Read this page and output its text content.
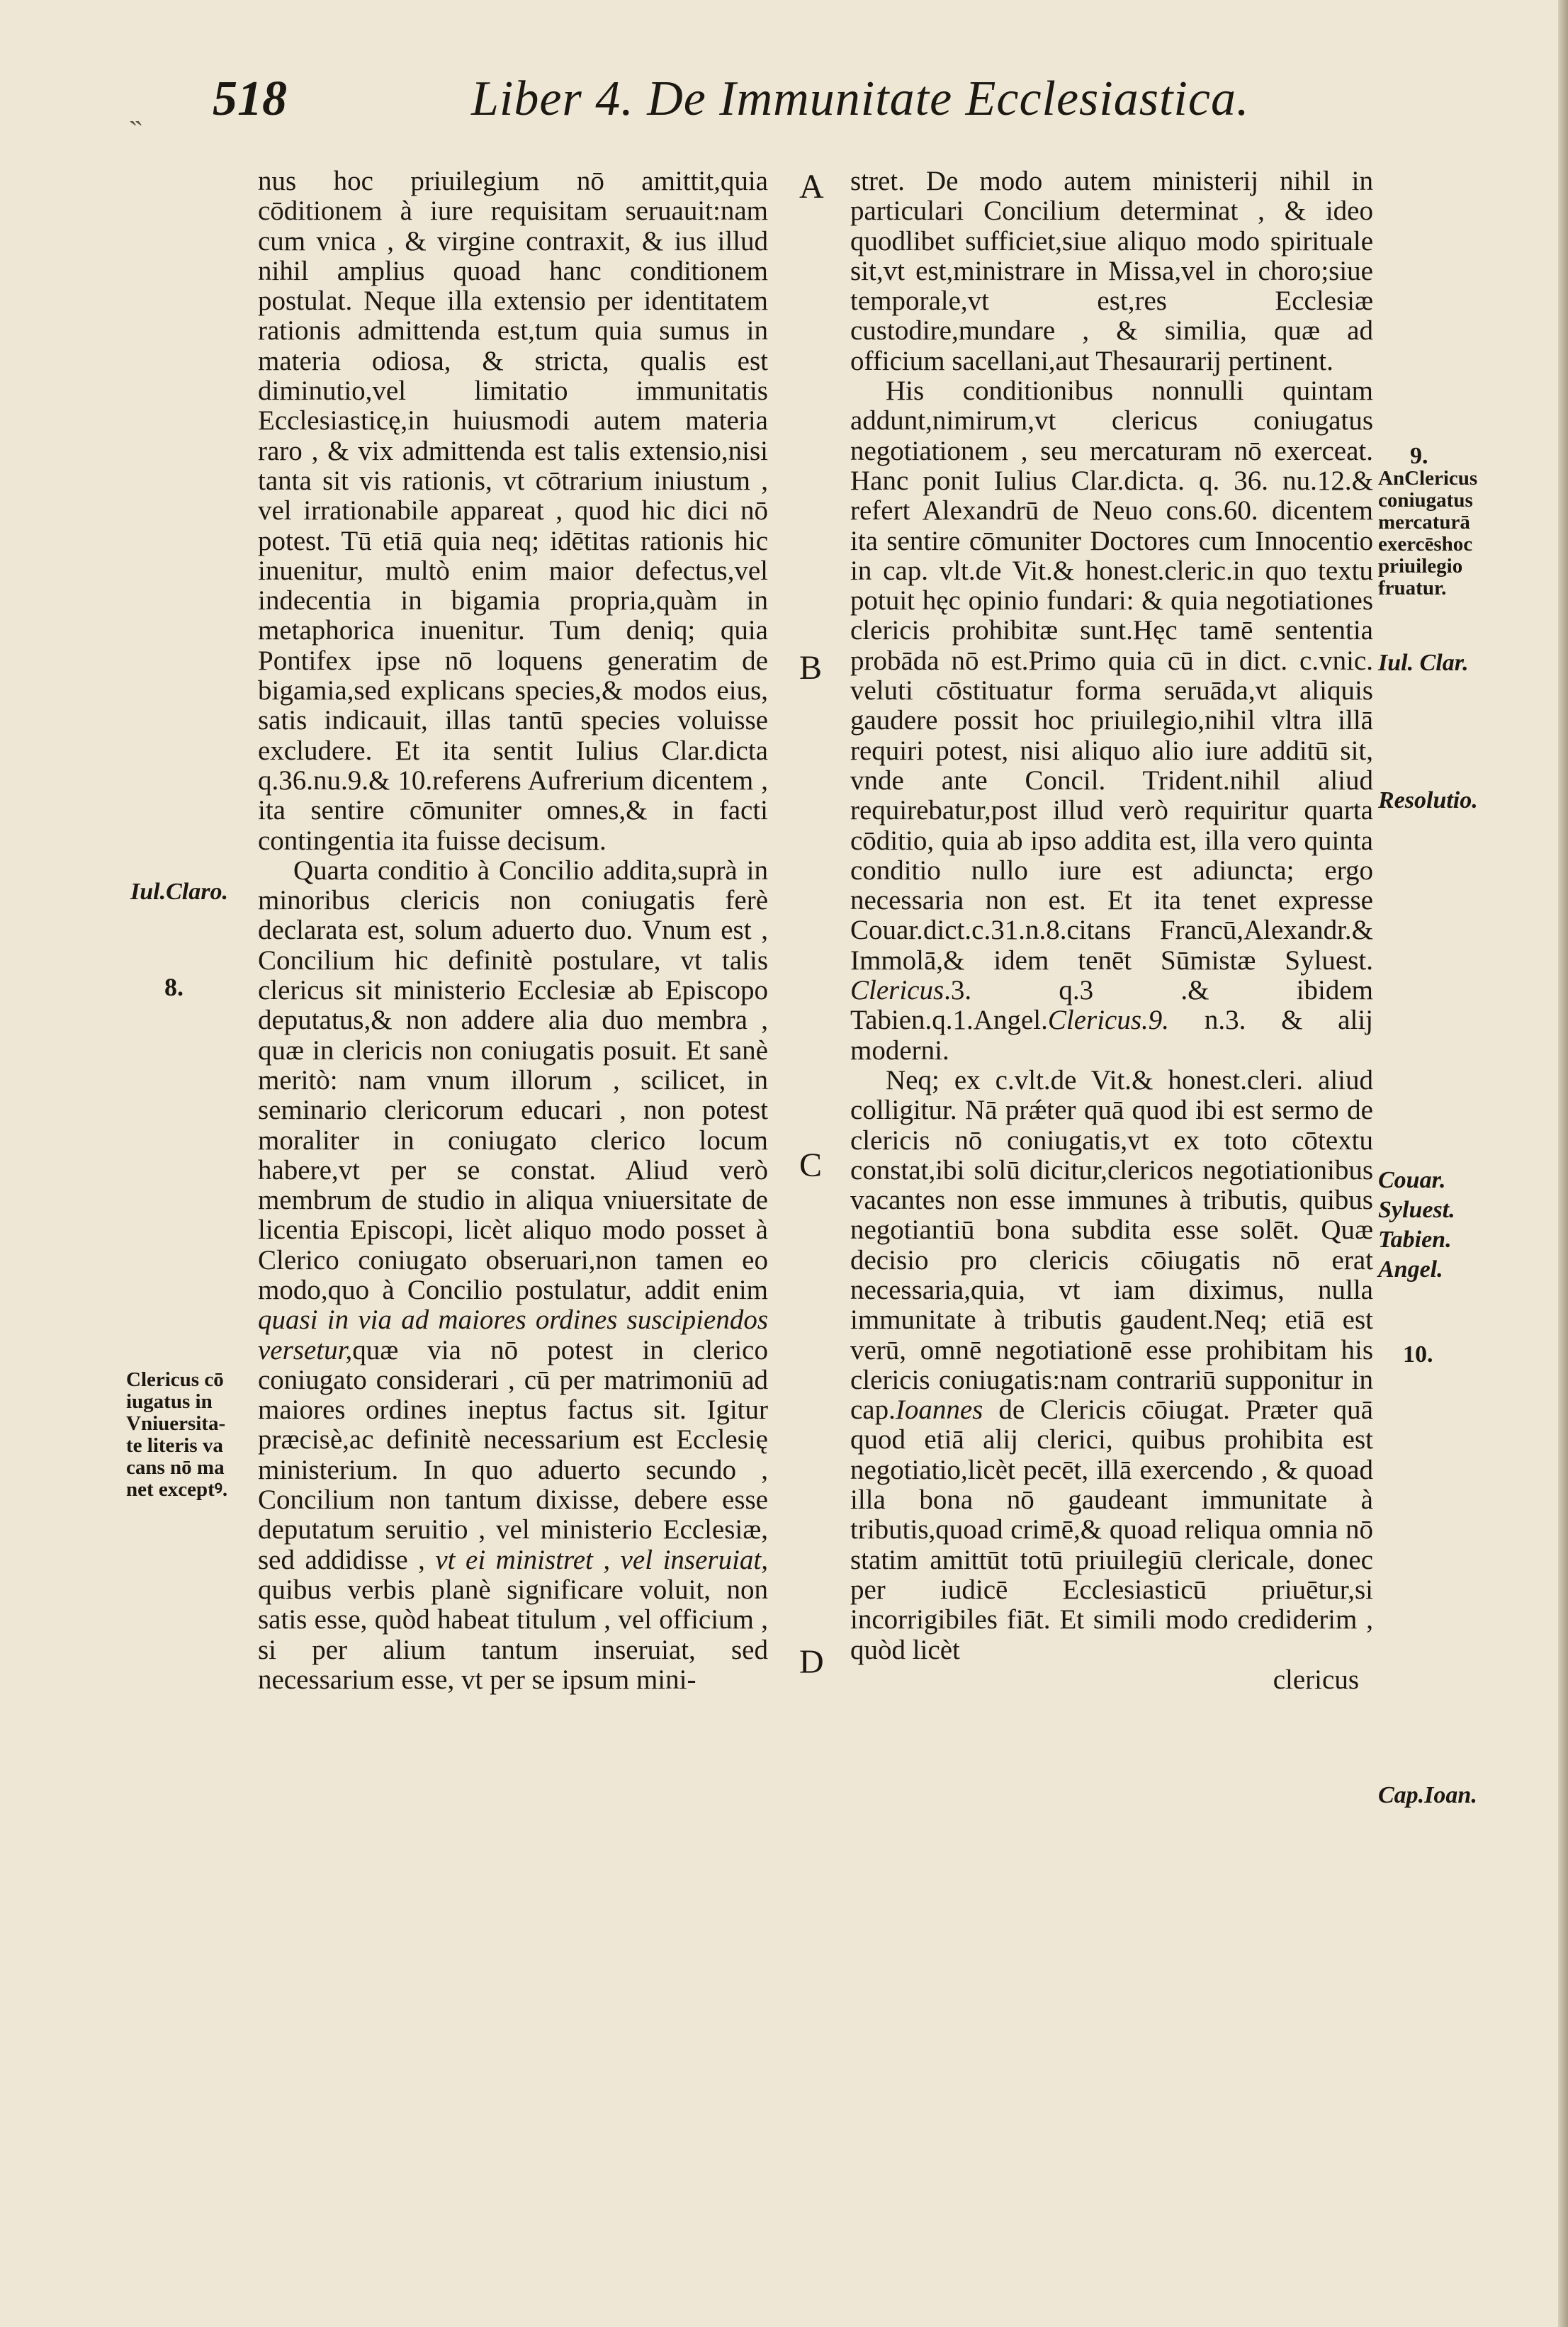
˵ 518	Liber 4. De Immunitate Ecclesiastica.

nus hoc priuilegium nō amittit,quia cōditionem à iure requisitam seruauit:nam cum vnica , & virgine contraxit, & ius illud nihil amplius quoad hanc conditionem postulat. Neque illa extensio per identitatem rationis admittenda est,tum quia sumus in materia odiosa, & stricta, qualis est diminutio,vel limitatio immunitatis Ecclesiasticę,in huiusmodi autem materia raro , & vix admittenda est talis extensio,nisi tanta sit vis rationis, vt cōtrarium iniustum , vel irrationabile appareat , quod hic dici nō potest. Tū etiā quia neq; idētitas rationis hic inuenitur, multò enim maior defectus,vel indecentia in bigamia propria,quàm in metaphorica inuenitur. Tum deniq; quia Pontifex ipse nō loquens generatim de bigamia,sed explicans species,& modos eius, satis indicauit, illas tantū species voluisse excludere. Et ita sentit Iulius Clar.dicta q.36.nu.9.& 10.referens Aufrerium dicentem , ita sentire cōmuniter omnes,& in facti contingentia ita fuisse decisum.

Quarta conditio à Concilio addita,suprà in minoribus clericis non coniugatis ferè declarata est, solum aduerto duo. Vnum est , Concilium hic definitè postulare, vt talis clericus sit ministerio Ecclesiæ ab Episcopo deputatus,& non addere alia duo membra , quæ in clericis non coniugatis posuit. Et sanè meritò: nam vnum illorum , scilicet, in seminario clericorum educari , non potest moraliter in coniugato clerico locum habere,vt per se constat. Aliud verò membrum de studio in aliqua vniuersitate de licentia Episcopi, licèt aliquo modo posset à Clerico coniugato obseruari,non tamen eo modo,quo à Concilio postulatur, addit enim quasi in via ad maiores ordines suscipiendos versetur,quæ via nō potest in clerico coniugato considerari , cū per matrimoniū ad maiores ordines ineptus factus sit. Igitur præcisè,ac definitè necessarium est Ecclesię ministerium. In quo aduerto secundo , Concilium non tantum dixisse, debere esse deputatum seruitio , vel ministerio Ecclesiæ, sed addidisse , vt ei ministret , vel inseruiat, quibus verbis planè significare voluit, non satis esse, quòd habeat titulum , vel officium , si per alium tantum inseruiat, sed necessarium esse, vt per se ipsum mini-

stret. De modo autem ministerij nihil in particulari Concilium determinat , & ideo quodlibet sufficiet,siue aliquo modo spirituale sit,vt est,ministrare in Missa,vel in choro;siue temporale,vt est,res Ecclesiæ custodire,mundare , & similia, quæ ad officium sacellani,aut Thesaurarij pertinent.

His conditionibus nonnulli quintam addunt,nimirum,vt clericus coniugatus negotiationem , seu mercaturam nō exerceat. Hanc ponit Iulius Clar.dicta. q. 36. nu.12.& refert Alexandrū de Neuo cons.60. dicentem ita sentire cōmuniter Doctores cum Innocentio in cap. vlt.de Vit.& honest.cleric.in quo textu potuit hęc opinio fundari: & quia negotiationes clericis prohibitæ sunt.Hęc tamē sententia probāda nō est.Primo quia cū in dict. c.vnic. veluti cōstituatur forma seruāda,vt aliquis gaudere possit hoc priuilegio,nihil vltra illā requiri potest, nisi aliquo alio iure additū sit, vnde ante Concil. Trident.nihil aliud requirebatur,post illud verò requiritur quarta cōditio, quia ab ipso addita est, illa vero quinta conditio nullo iure est adiuncta; ergo necessaria non est. Et ita tenet expresse Couar.dict.c.31.n.8.citans Francū,Alexandr.& Immolā,& idem tenēt Sūmistæ Syluest. Clericus.3. q.3 .& ibidem Tabien.q.1.Angel.Clericus.9. n.3. & alij moderni.

Neq; ex c.vlt.de Vit.& honest.cleri. aliud colligitur. Nā prǽter quā quod ibi est sermo de clericis nō coniugatis,vt ex toto cōtextu constat,ibi solū dicitur,clericos negotiationibus vacantes non esse immunes à tributis, quibus negotiantiū bona subdita esse solēt. Quæ decisio pro clericis cōiugatis nō erat necessaria,quia, vt iam diximus, nulla immunitate à tributis gaudent.Neq; etiā est verū, omnē negotiationē esse prohibitam his clericis coniugatis:nam contrariū supponitur in cap.Ioannes de Clericis cōiugat. Præter quā quod etiā alij clerici, quibus prohibita est negotiatio,licèt pecēt, illā exercendo , & quoad illa bona nō gaudeant immunitate à tributis,quoad crimē,& quoad reliqua omnia nō statim amittūt totū priuilegiū clericale, donec per iudicē Ecclesiasticū priuētur,si incorrigibiles fiāt. Et simili modo crediderim , quòd licèt

clericus

A
B
C
D
Iul.Claro.
8.
Clericus cō
iugatus in
Vniuersita-
te literis va
cans nō ma
net exceptꝰ.
9.
AnClericus
coniugatus
mercaturā
exercēshoc
priuilegio
fruatur.
Iul. Clar.
Resolutio.
Couar.
Syluest.
Tabien.
Angel.
10.
Cap.Ioan.
